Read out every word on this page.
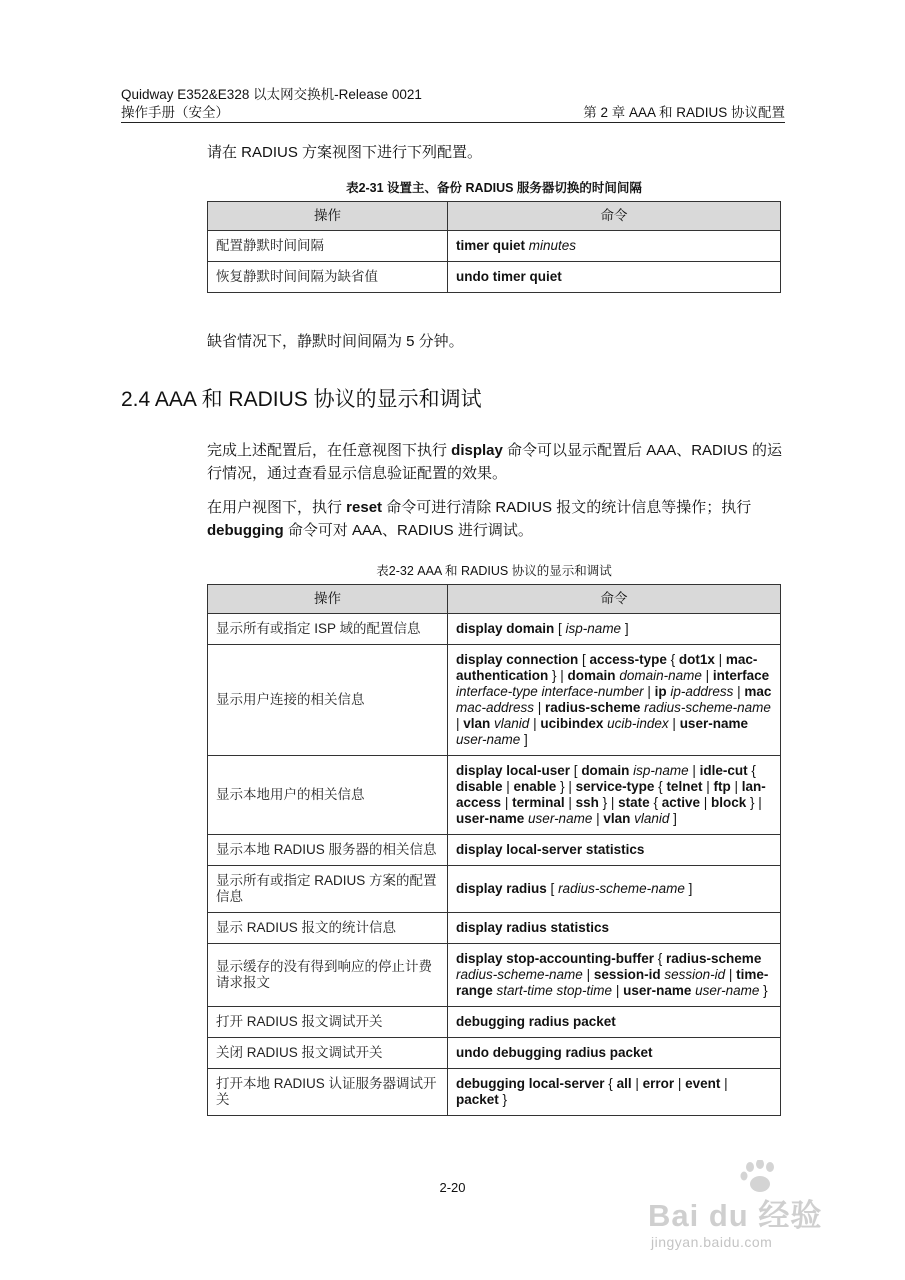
Quidway E352&E328 以太网交换机-Release 0021
操作手册（安全）	第 2 章 AAA 和 RADIUS 协议配置

请在 RADIUS 方案视图下进行下列配置。

表2-31 设置主、备份 RADIUS 服务器切换的时间间隔
操作	命令
配置静默时间间隔	timer quiet minutes
恢复静默时间间隔为缺省值	undo timer quiet

缺省情况下，静默时间间隔为 5 分钟。

2.4 AAA 和 RADIUS 协议的显示和调试

完成上述配置后，在任意视图下执行 display 命令可以显示配置后 AAA、RADIUS 的运行情况，通过查看显示信息验证配置的效果。

在用户视图下，执行 reset 命令可进行清除 RADIUS 报文的统计信息等操作；执行 debugging 命令可对 AAA、RADIUS 进行调试。

表2-32 AAA 和 RADIUS 协议的显示和调试
操作	命令
显示所有或指定 ISP 域的配置信息	display domain [ isp-name ]
显示用户连接的相关信息	display connection [ access-type { dot1x | mac-authentication } | domain domain-name | interface interface-type interface-number | ip ip-address | mac mac-address | radius-scheme radius-scheme-name | vlan vlanid | ucibindex ucib-index | user-name user-name ]
显示本地用户的相关信息	display local-user [ domain isp-name | idle-cut { disable | enable } | service-type { telnet | ftp | lan-access | terminal | ssh } | state { active | block } | user-name user-name | vlan vlanid ]
显示本地 RADIUS 服务器的相关信息	display local-server statistics
显示所有或指定 RADIUS 方案的配置信息	display radius [ radius-scheme-name ]
显示 RADIUS 报文的统计信息	display radius statistics
显示缓存的没有得到响应的停止计费请求报文	display stop-accounting-buffer { radius-scheme radius-scheme-name | session-id session-id | time-range start-time stop-time | user-name user-name }
打开 RADIUS 报文调试开关	debugging radius packet
关闭 RADIUS 报文调试开关	undo debugging radius packet
打开本地 RADIUS 认证服务器调试开关	debugging local-server { all | error | event | packet }
2-20
Bai du 经验
jingyan.baidu.com
